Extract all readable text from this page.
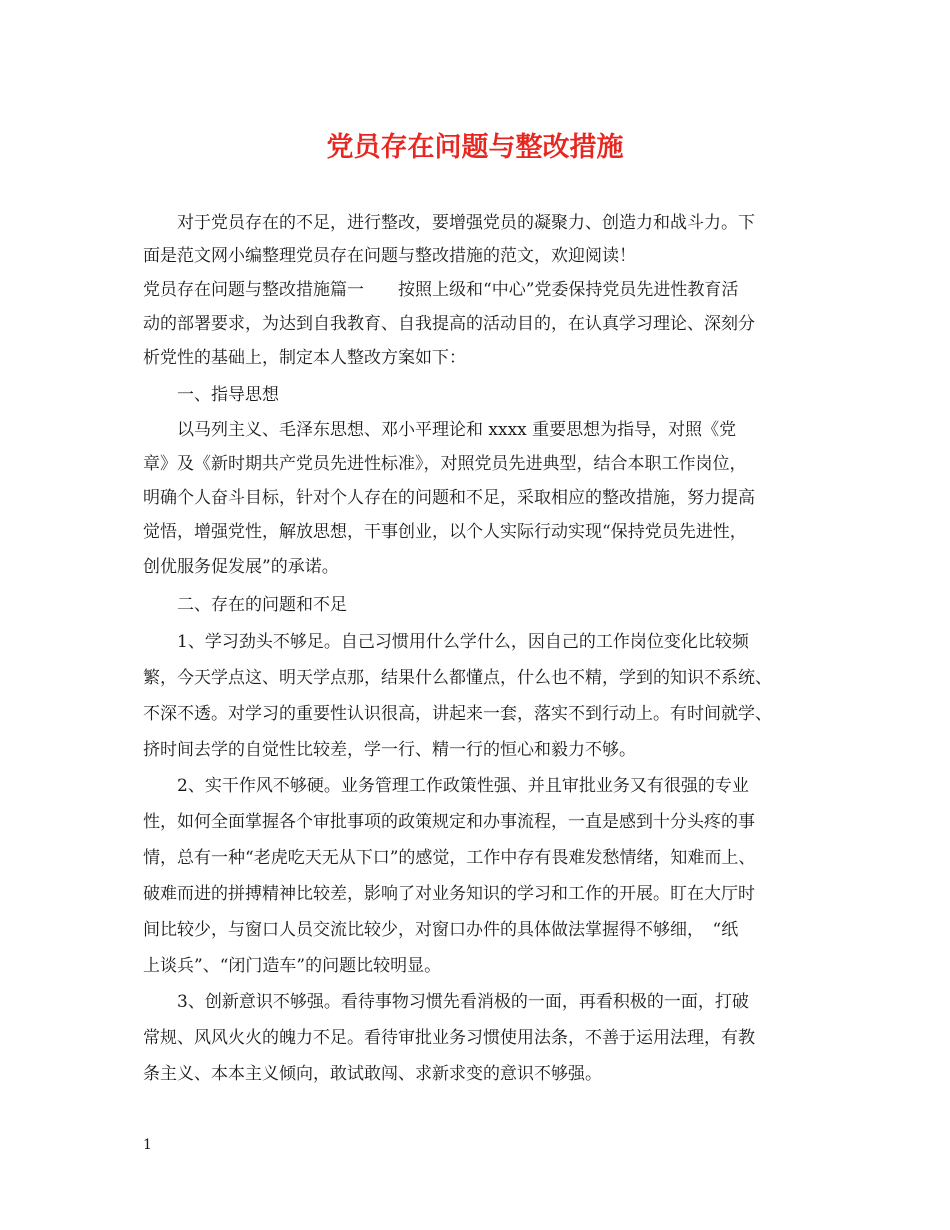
党员存在问题与整改措施

　　对于党员存在的不足，进行整改，要增强党员的凝聚力、创造力和战斗力。下

面是范文网小编整理党员存在问题与整改措施的范文，欢迎阅读！

党员存在问题与整改措施篇一　　按照上级和“中心”党委保持党员先进性教育活

动的部署要求，为达到自我教育、自我提高的活动目的，在认真学习理论、深刻分

析党性的基础上，制定本人整改方案如下：

　　一、指导思想

　　以马列主义、毛泽东思想、邓小平理论和 xxxx 重要思想为指导，对照《党

章》及《新时期共产党员先进性标准》，对照党员先进典型，结合本职工作岗位，

明确个人奋斗目标，针对个人存在的问题和不足，采取相应的整改措施，努力提高

觉悟，增强党性，解放思想，干事创业，以个人实际行动实现“保持党员先进性，

创优服务促发展”的承诺。

　　二、存在的问题和不足

　　1、学习劲头不够足。自己习惯用什么学什么，因自己的工作岗位变化比较频

繁，今天学点这、明天学点那，结果什么都懂点，什么也不精，学到的知识不系统、

不深不透。对学习的重要性认识很高，讲起来一套，落实不到行动上。有时间就学、

挤时间去学的自觉性比较差，学一行、精一行的恒心和毅力不够。

　　2、实干作风不够硬。业务管理工作政策性强、并且审批业务又有很强的专业

性，如何全面掌握各个审批事项的政策规定和办事流程，一直是感到十分头疼的事

情，总有一种“老虎吃天无从下口”的感觉，工作中存有畏难发愁情绪，知难而上、

破难而进的拼搏精神比较差，影响了对业务知识的学习和工作的开展。盯在大厅时

间比较少，与窗口人员交流比较少，对窗口办件的具体做法掌握得不够细，　“纸

上谈兵”、“闭门造车”的问题比较明显。

　　3、创新意识不够强。看待事物习惯先看消极的一面，再看积极的一面，打破

常规、风风火火的魄力不足。看待审批业务习惯使用法条，不善于运用法理，有教

条主义、本本主义倾向，敢试敢闯、求新求变的意识不够强。

1
